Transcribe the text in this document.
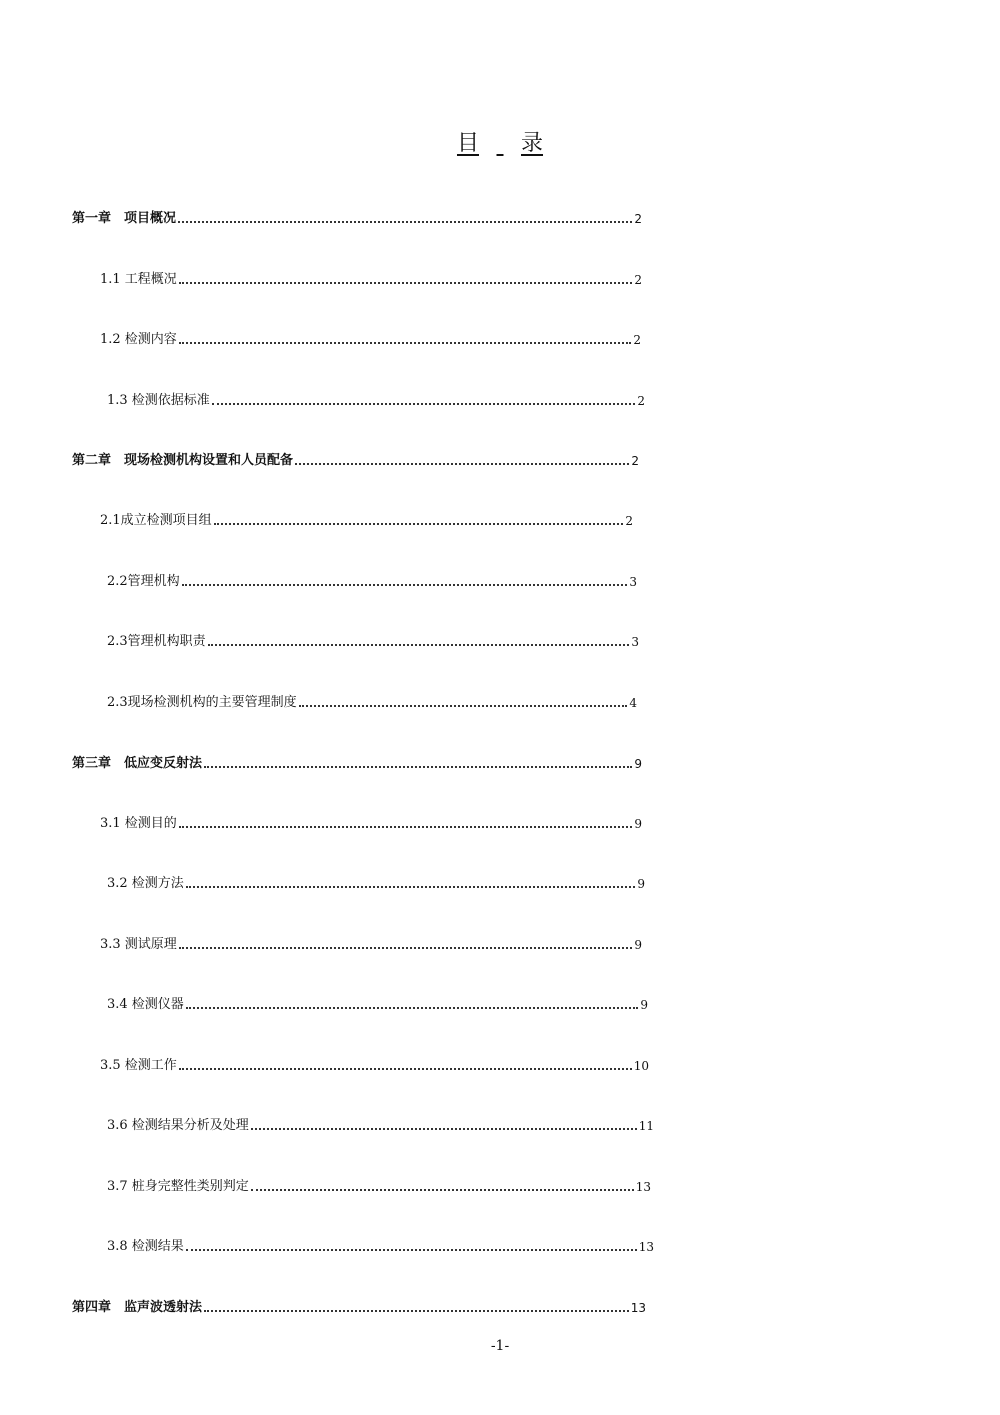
目 录
第一章　项目概况	2
1.1 工程概况	2
1.2 检测内容	2
1.3 检测依据标准	2
第二章　现场检测机构设置和人员配备	2
2.1成立检测项目组	2
2.2管理机构	3
2.3管理机构职责	3
2.3现场检测机构的主要管理制度	4
第三章　低应变反射法	9
3.1 检测目的	9
3.2 检测方法	9
3.3 测试原理	9
3.4 检测仪器	9
3.5 检测工作	10
3.6 检测结果分析及处理	11
3.7 桩身完整性类别判定	13
3.8 检测结果	13
第四章　监声波透射法	13
-1-
